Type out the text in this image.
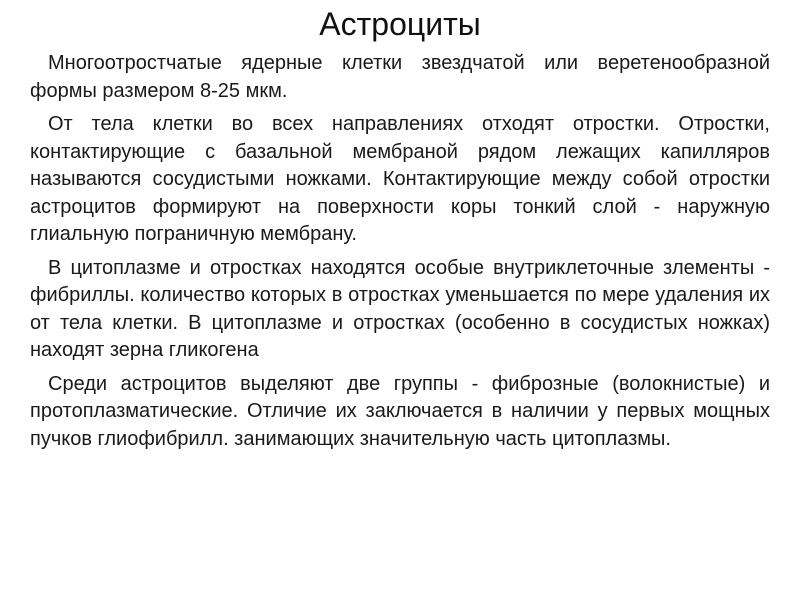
Астроциты

Многоотростчатые ядерные клетки звездчатой или веретенообразной формы размером 8-25 мкм.

От тела клетки во всех направлениях отходят отростки. Отростки, контактирующие с базальной мембраной рядом лежащих капилляров называются сосудистыми ножками. Контактирующие между собой отростки астроцитов формируют на поверхности коры тонкий слой - наружную глиальную пограничную мембрану.

В цитоплазме и отростках находятся особые внутриклеточные злементы - фибриллы. количество которых в отростках уменьшается по мере удаления их от тела клетки. В цитоплазме и отростках (особенно в сосудистых ножках) находят зерна гликогена

Среди астроцитов выделяют две группы - фиброзные (волокнистые) и протоплазматические. Отличие их заключается в наличии у первых мощных пучков глиофибрилл. занимающих значительную часть цитоплазмы.
